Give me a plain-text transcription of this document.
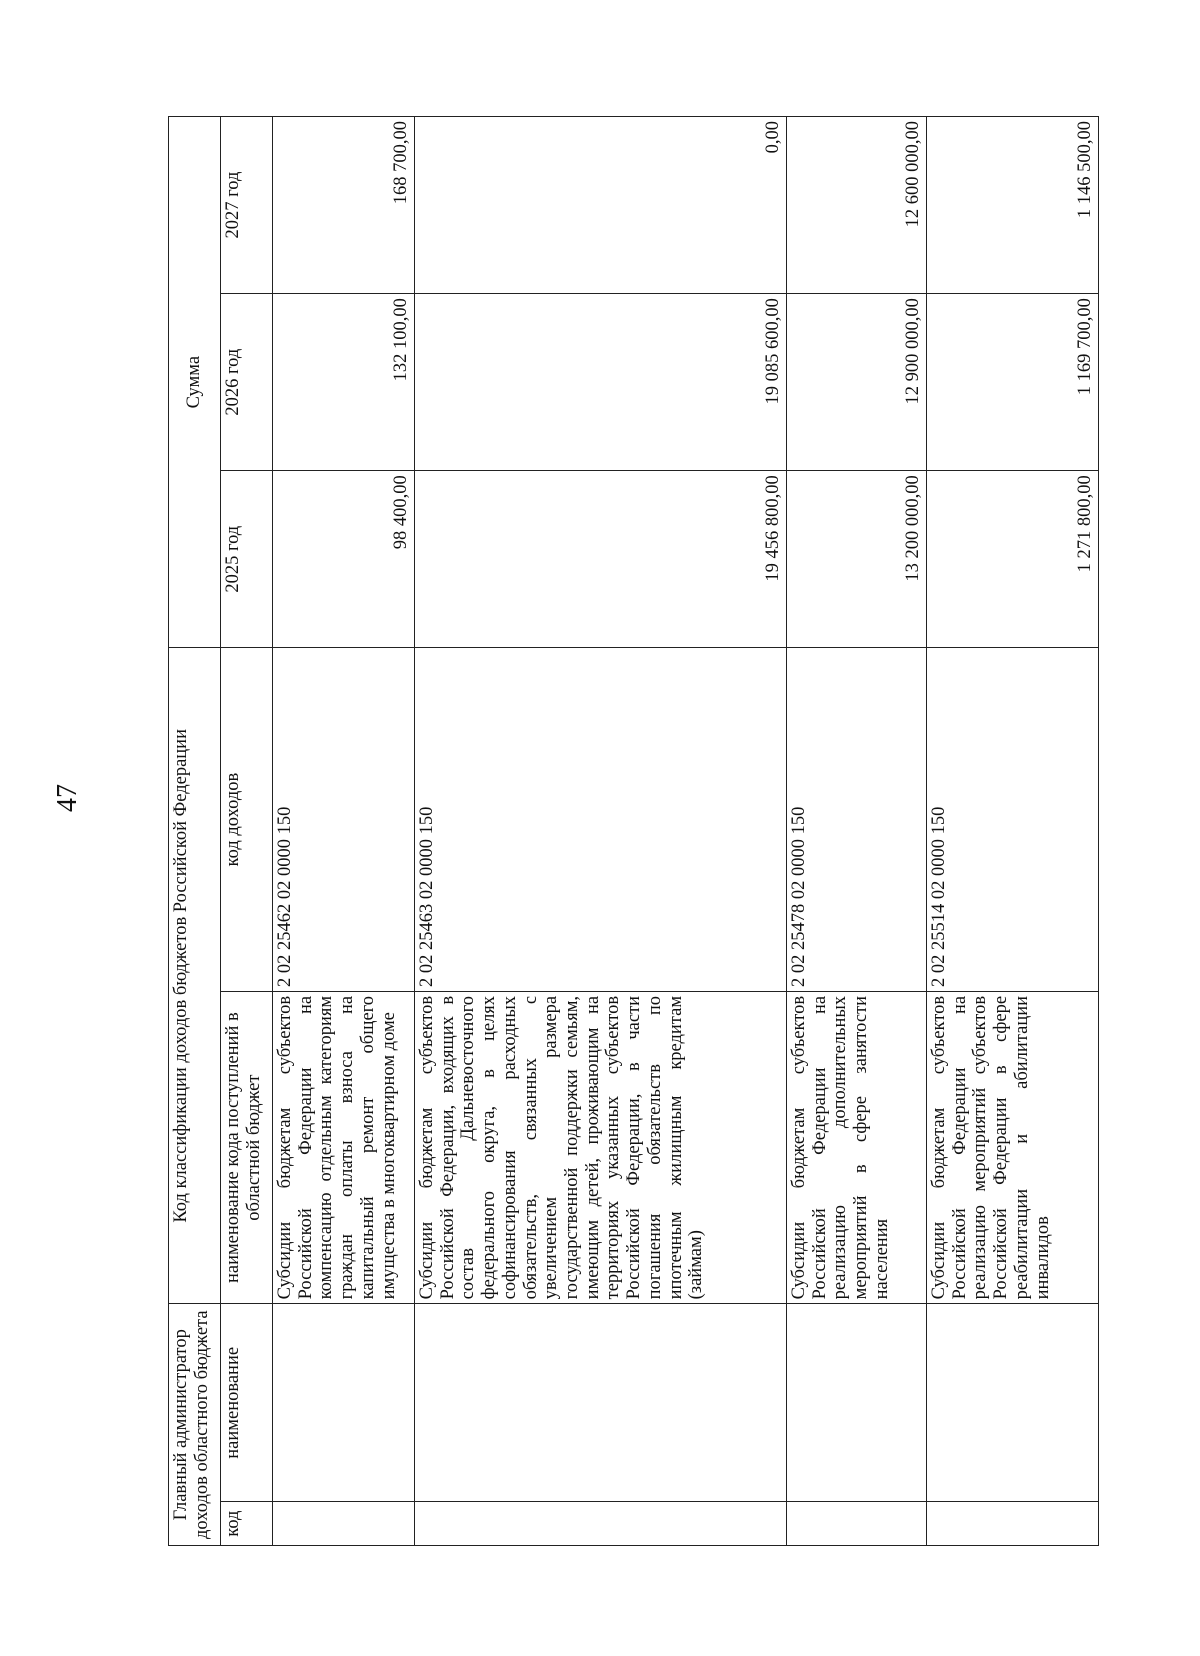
47
Главный администратор доходов областного бюджета		Код классификации доходов бюджетов Российской Федерации		Сумма		
код	наименование	наименование кода поступлений в областной бюджет	код доходов	2025 год	2026 год	2027 год
		Субсидии бюджетам субъектов Российской Федерации на компенсацию отдельным категориям граждан оплаты взноса на капитальный ремонт общего имущества в многоквартирном доме	2 02 25462 02 0000 150	98 400,00	132 100,00	168 700,00
		Субсидии бюджетам субъектов Российской Федерации, входящих в состав Дальневосточного федерального округа, в целях софинансирования расходных обязательств, связанных с увеличением размера государственной поддержки семьям, имеющим детей, проживающим на территориях указанных субъектов Российской Федерации, в части погашения обязательств по ипотечным жилищным кредитам (займам)	2 02 25463 02 0000 150	19 456 800,00	19 085 600,00	0,00
		Субсидии бюджетам субъектов Российской Федерации на реализацию дополнительных мероприятий в сфере занятости населения	2 02 25478 02 0000 150	13 200 000,00	12 900 000,00	12 600 000,00
		Субсидии бюджетам субъектов Российской Федерации на реализацию мероприятий субъектов Российской Федерации в сфере реабилитации и абилитации инвалидов	2 02 25514 02 0000 150	1 271 800,00	1 169 700,00	1 146 500,00
